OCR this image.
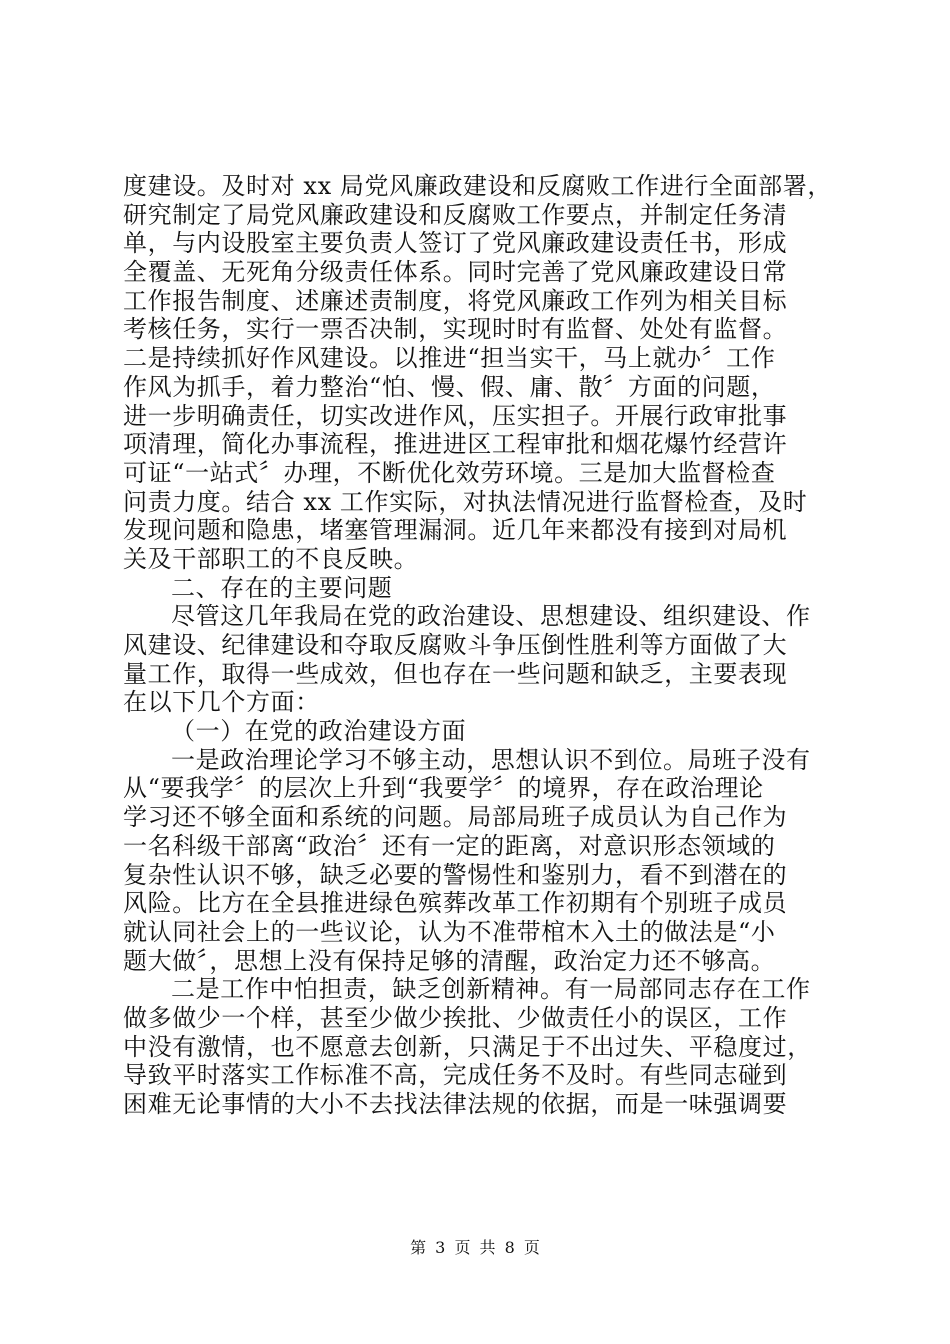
度建设。及时对 xx 局党风廉政建设和反腐败工作进行全面部署，
研究制定了局党风廉政建设和反腐败工作要点，并制定任务清
单，与内设股室主要负责人签订了党风廉政建设责任书，形成
全覆盖、无死角分级责任体系。同时完善了党风廉政建设日常
工作报告制度、述廉述责制度，将党风廉政工作列为相关目标
考核任务，实行一票否决制，实现时时有监督、处处有监督。
二是持续抓好作风建设。以推进“担当实干，马上就办〞工作
作风为抓手，着力整治“怕、慢、假、庸、散〞方面的问题，
进一步明确责任，切实改进作风，压实担子。开展行政审批事
项清理，简化办事流程，推进进区工程审批和烟花爆竹经营许
可证“一站式〞办理，不断优化效劳环境。三是加大监督检查
问责力度。结合 xx 工作实际，对执法情况进行监督检查，及时
发现问题和隐患，堵塞管理漏洞。近几年来都没有接到对局机
关及干部职工的不良反映。
二、存在的主要问题
尽管这几年我局在党的政治建设、思想建设、组织建设、作
风建设、纪律建设和夺取反腐败斗争压倒性胜利等方面做了大
量工作，取得一些成效，但也存在一些问题和缺乏，主要表现
在以下几个方面：
（一）在党的政治建设方面
一是政治理论学习不够主动，思想认识不到位。局班子没有
从“要我学〞的层次上升到“我要学〞的境界，存在政治理论
学习还不够全面和系统的问题。局部局班子成员认为自己作为
一名科级干部离“政治〞还有一定的距离，对意识形态领域的
复杂性认识不够，缺乏必要的警惕性和鉴别力，看不到潜在的
风险。比方在全县推进绿色殡葬改革工作初期有个别班子成员
就认同社会上的一些议论，认为不准带棺木入土的做法是“小
题大做〞，思想上没有保持足够的清醒，政治定力还不够高。
二是工作中怕担责，缺乏创新精神。有一局部同志存在工作
做多做少一个样，甚至少做少挨批、少做责任小的误区，工作
中没有激情，也不愿意去创新，只满足于不出过失、平稳度过，
导致平时落实工作标准不高，完成任务不及时。有些同志碰到
困难无论事情的大小不去找法律法规的依据，而是一味强调要
第 3 页 共 8 页
